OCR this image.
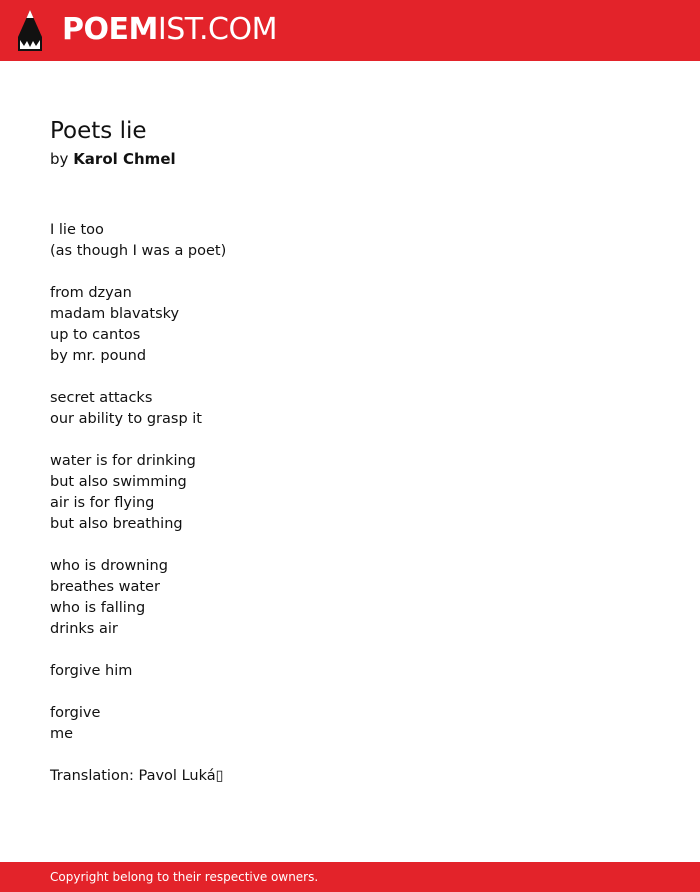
POEMIST.COM
Poets lie

by Karol Chmel

I lie too
(as though I was a poet)

from dzyan
madam blavatsky
up to cantos
by mr. pound

secret attacks
our ability to grasp it

water is for drinking
but also swimming
air is for flying
but also breathing

who is drowning
breathes water
who is falling
drinks air

forgive him

forgive
me

Translation: Pavol Luká▯

Copyright belong to their respective owners.
